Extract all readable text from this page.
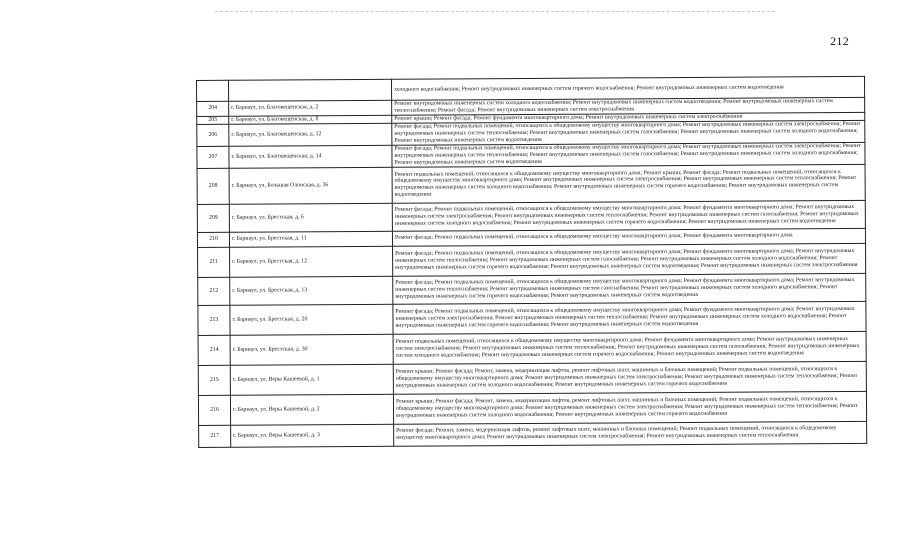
212
		холодного водоснабжения; Ремонт внутридомовых инженерных систем горячего водоснабжения; Ремонт внутридомовых инженерных систем водоотведения
204	г. Барнаул, ул. Благовещенская, д. 2	Ремонт внутридомовых инженерных систем холодного водоснабжения; Ремонт внутридомовых инженерных систем водоотведения; Ремонт внутридомовых инженерных систем теплоснабжения; Ремонт фасада; Ремонт внутридомовых инженерных систем электроснабжения
205	г. Барнаул, ул. Благовещенская, д. 8	Ремонт крыши; Ремонт фасада; Ремонт фундамента многоквартирного дома; Ремонт внутридомовых инженерных систем электроснабжения
206	г. Барнаул, ул. Благовещенская, д. 12	Ремонт фасада; Ремонт подвальных помещений, относящихся к общедомовому имуществу многоквартирного дома; Ремонт внутридомовых инженерных систем электроснабжения; Ремонт внутридомовых инженерных систем теплоснабжения; Ремонт внутридомовых инженерных систем газоснабжения; Ремонт внутридомовых инженерных систем холодного водоснабжения; Ремонт внутридомовых инженерных систем водоотведения
207	г. Барнаул, ул. Благовещенская, д. 14	Ремонт фасада; Ремонт подвальных помещений, относящихся к общедомовому имуществу многоквартирного дома; Ремонт внутридомовых инженерных систем электроснабжения; Ремонт внутридомовых инженерных систем теплоснабжения; Ремонт внутридомовых инженерных систем газоснабжения; Ремонт внутридомовых инженерных систем холодного водоснабжения; Ремонт внутридомовых инженерных систем водоотведения
208	г. Барнаул, ул. Большая Олонская, д. 36	Ремонт подвальных помещений, относящихся к общедомовому имуществу многоквартирного дома; Ремонт крыши; Ремонт фасада; Ремонт подвальных помещений, относящихся к общедомовому имуществу многоквартирного дома; Ремонт внутридомовых инженерных систем электроснабжения; Ремонт внутридомовых инженерных систем теплоснабжения; Ремонт внутридомовых инженерных систем холодного водоснабжения; Ремонт внутридомовых инженерных систем горячего водоснабжения; Ремонт внутридомовых инженерных систем водоотведения
209	г. Барнаул, ул. Брестская, д. 6	Ремонт фасада; Ремонт подвальных помещений, относящихся к общедомовому имуществу многоквартирного дома; Ремонт фундамента многоквартирного дома; Ремонт внутридомовых инженерных систем электроснабжения; Ремонт внутридомовых инженерных систем теплоснабжения; Ремонт внутридомовых инженерных систем газоснабжения; Ремонт внутридомовых инженерных систем холодного водоснабжения; Ремонт внутридомовых инженерных систем горячего водоснабжения; Ремонт внутридомовых инженерных систем водоотведения
210	г. Барнаул, ул. Брестская, д. 11	Ремонт фасада; Ремонт подвальных помещений, относящихся к общедомовому имуществу многоквартирного дома; Ремонт фундамента многоквартирного дома
211	г. Барнаул, ул. Брестская, д. 12	Ремонт фасада; Ремонт подвальных помещений, относящихся к общедомовому имуществу многоквартирного дома; Ремонт фундамента многоквартирного дома; Ремонт внутридомовых инженерных систем теплоснабжения; Ремонт внутридомовых инженерных систем газоснабжения; Ремонт внутридомовых инженерных систем холодного водоснабжения; Ремонт внутридомовых инженерных систем горячего водоснабжения; Ремонт внутридомовых инженерных систем водоотведения; Ремонт внутридомовых инженерных систем электроснабжения
212	г. Барнаул, ул. Брестская, д. 13	Ремонт фасада; Ремонт подвальных помещений, относящихся к общедомовому имуществу многоквартирного дома; Ремонт фундамента многоквартирного дома; Ремонт внутридомовых инженерных систем теплоснабжения; Ремонт внутридомовых инженерных систем газоснабжения; Ремонт внутридомовых инженерных систем холодного водоснабжения; Ремонт внутридомовых инженерных систем горячего водоснабжения; Ремонт внутридомовых инженерных систем водоотведения
213	г. Барнаул, ул. Брестская, д. 20	Ремонт фасада; Ремонт подвальных помещений, относящихся к общедомовому имуществу многоквартирного дома; Ремонт фундамента многоквартирного дома; Ремонт внутридомовых инженерных систем электроснабжения; Ремонт внутридомовых инженерных систем теплоснабжения; Ремонт внутридомовых инженерных систем холодного водоснабжения; Ремонт внутридомовых инженерных систем горячего водоснабжения; Ремонт внутридомовых инженерных систем водоотведения
214	г. Барнаул, ул. Брестская, д. 30	Ремонт подвальных помещений, относящихся к общедомовому имуществу многоквартирного дома; Ремонт фундамента многоквартирного дома; Ремонт внутридомовых инженерных систем электроснабжения; Ремонт внутридомовых инженерных систем теплоснабжения; Ремонт внутридомовых инженерных систем газоснабжения; Ремонт внутридомовых инженерных систем холодного водоснабжения; Ремонт внутридомовых инженерных систем горячего водоснабжения; Ремонт внутридомовых инженерных систем водоотведения
215	г. Барнаул, ул. Веры Кашеевой, д. 1	Ремонт крыши; Ремонт фасада; Ремонт, замена, модернизация лифтов, ремонт лифтовых шахт, машинных и блочных помещений; Ремонт подвальных помещений, относящихся к общедомовому имуществу многоквартирного дома; Ремонт внутридомовых инженерных систем электроснабжения; Ремонт внутридомовых инженерных систем теплоснабжения; Ремонт внутридомовых инженерных систем холодного водоснабжения; Ремонт внутридомовых инженерных систем горячего водоснабжения
216	г. Барнаул, ул. Веры Кашеевой, д. 2	Ремонт крыши; Ремонт фасада; Ремонт, замена, модернизация лифтов, ремонт лифтовых шахт, машинных и блочных помещений; Ремонт подвальных помещений, относящихся к общедомовому имуществу многоквартирного дома; Ремонт внутридомовых инженерных систем электроснабжения; Ремонт внутридомовых инженерных систем теплоснабжения; Ремонт внутридомовых инженерных систем холодного водоснабжения; Ремонт внутридомовых инженерных систем горячего водоснабжения
217	г. Барнаул, ул. Веры Кашеевой, д. 3	Ремонт фасада; Ремонт, замена, модернизация лифтов, ремонт лифтовых шахт, машинных и блочных помещений; Ремонт подвальных помещений, относящихся к общедомовому имуществу многоквартирного дома; Ремонт внутридомовых инженерных систем электроснабжения; Ремонт внутридомовых инженерных систем теплоснабжения
